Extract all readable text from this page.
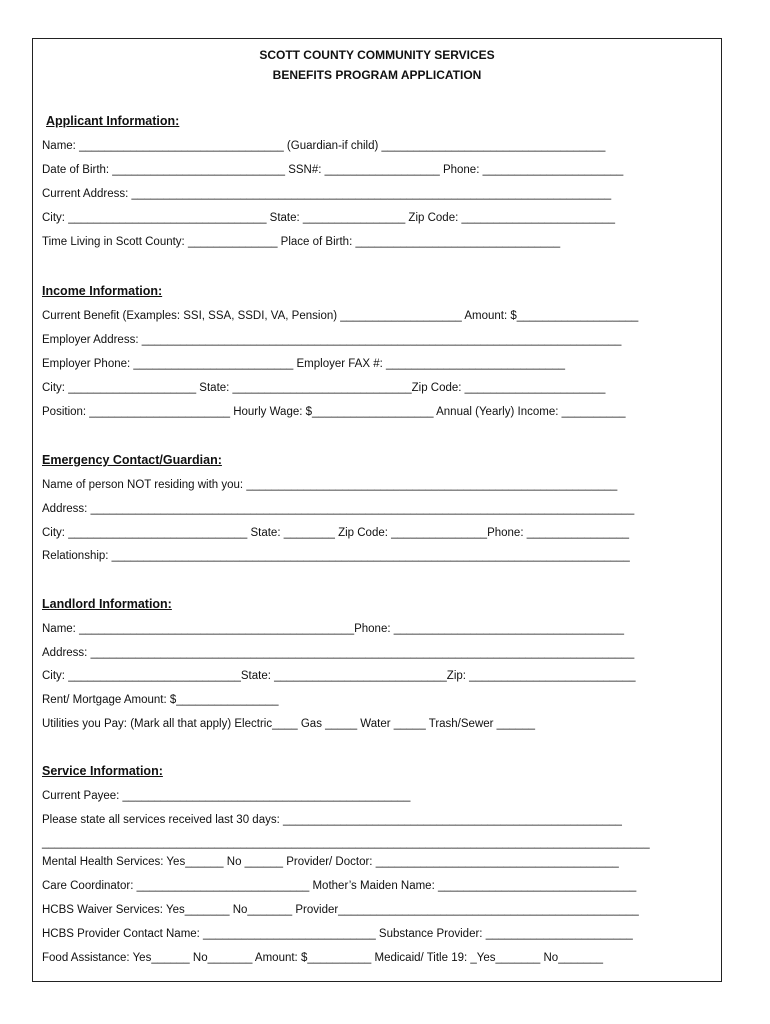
SCOTT COUNTY COMMUNITY SERVICES
BENEFITS PROGRAM APPLICATION
Applicant Information:
Name: ________________________________ (Guardian-if child) ___________________________________
Date of Birth: ___________________________ SSN#: __________________ Phone: ______________________
Current Address: ___________________________________________________________________________
City: _______________________________ State: ________________ Zip Code: ________________________
Time Living in Scott County: ______________ Place of Birth: ________________________________
Income Information:
Current Benefit (Examples: SSI, SSA, SSDI, VA, Pension) ___________________ Amount: $___________________
Employer Address: ___________________________________________________________________________
Employer Phone: _________________________ Employer FAX #: ____________________________
City: ____________________ State: ____________________________Zip Code: ______________________
Position: ______________________ Hourly Wage: $___________________ Annual (Yearly) Income: __________
Emergency Contact/Guardian:
Name of person NOT residing with you: __________________________________________________________
Address: _____________________________________________________________________________________
City: ____________________________ State: ________ Zip Code: _______________Phone: ________________
Relationship: _________________________________________________________________________________
Landlord Information:
Name: ___________________________________________Phone: ____________________________________
Address: _____________________________________________________________________________________
City: ___________________________State: ___________________________Zip: __________________________
Rent/ Mortgage Amount: $________________
Utilities you Pay: (Mark all that apply) Electric____ Gas _____ Water _____ Trash/Sewer ______
Service Information:
Current Payee: _____________________________________________
Please state all services received last 30 days: _____________________________________________________
_______________________________________________________________________________________________
Mental Health Services: Yes______ No ______ Provider/ Doctor: ______________________________________
Care Coordinator: ___________________________ Mother’s Maiden Name: _______________________________
HCBS Waiver Services: Yes_______ No_______ Provider_______________________________________________
HCBS Provider Contact Name: ___________________________ Substance Provider: _______________________
Food Assistance: Yes______ No_______ Amount: $__________ Medicaid/ Title 19: _Yes_______ No_______
